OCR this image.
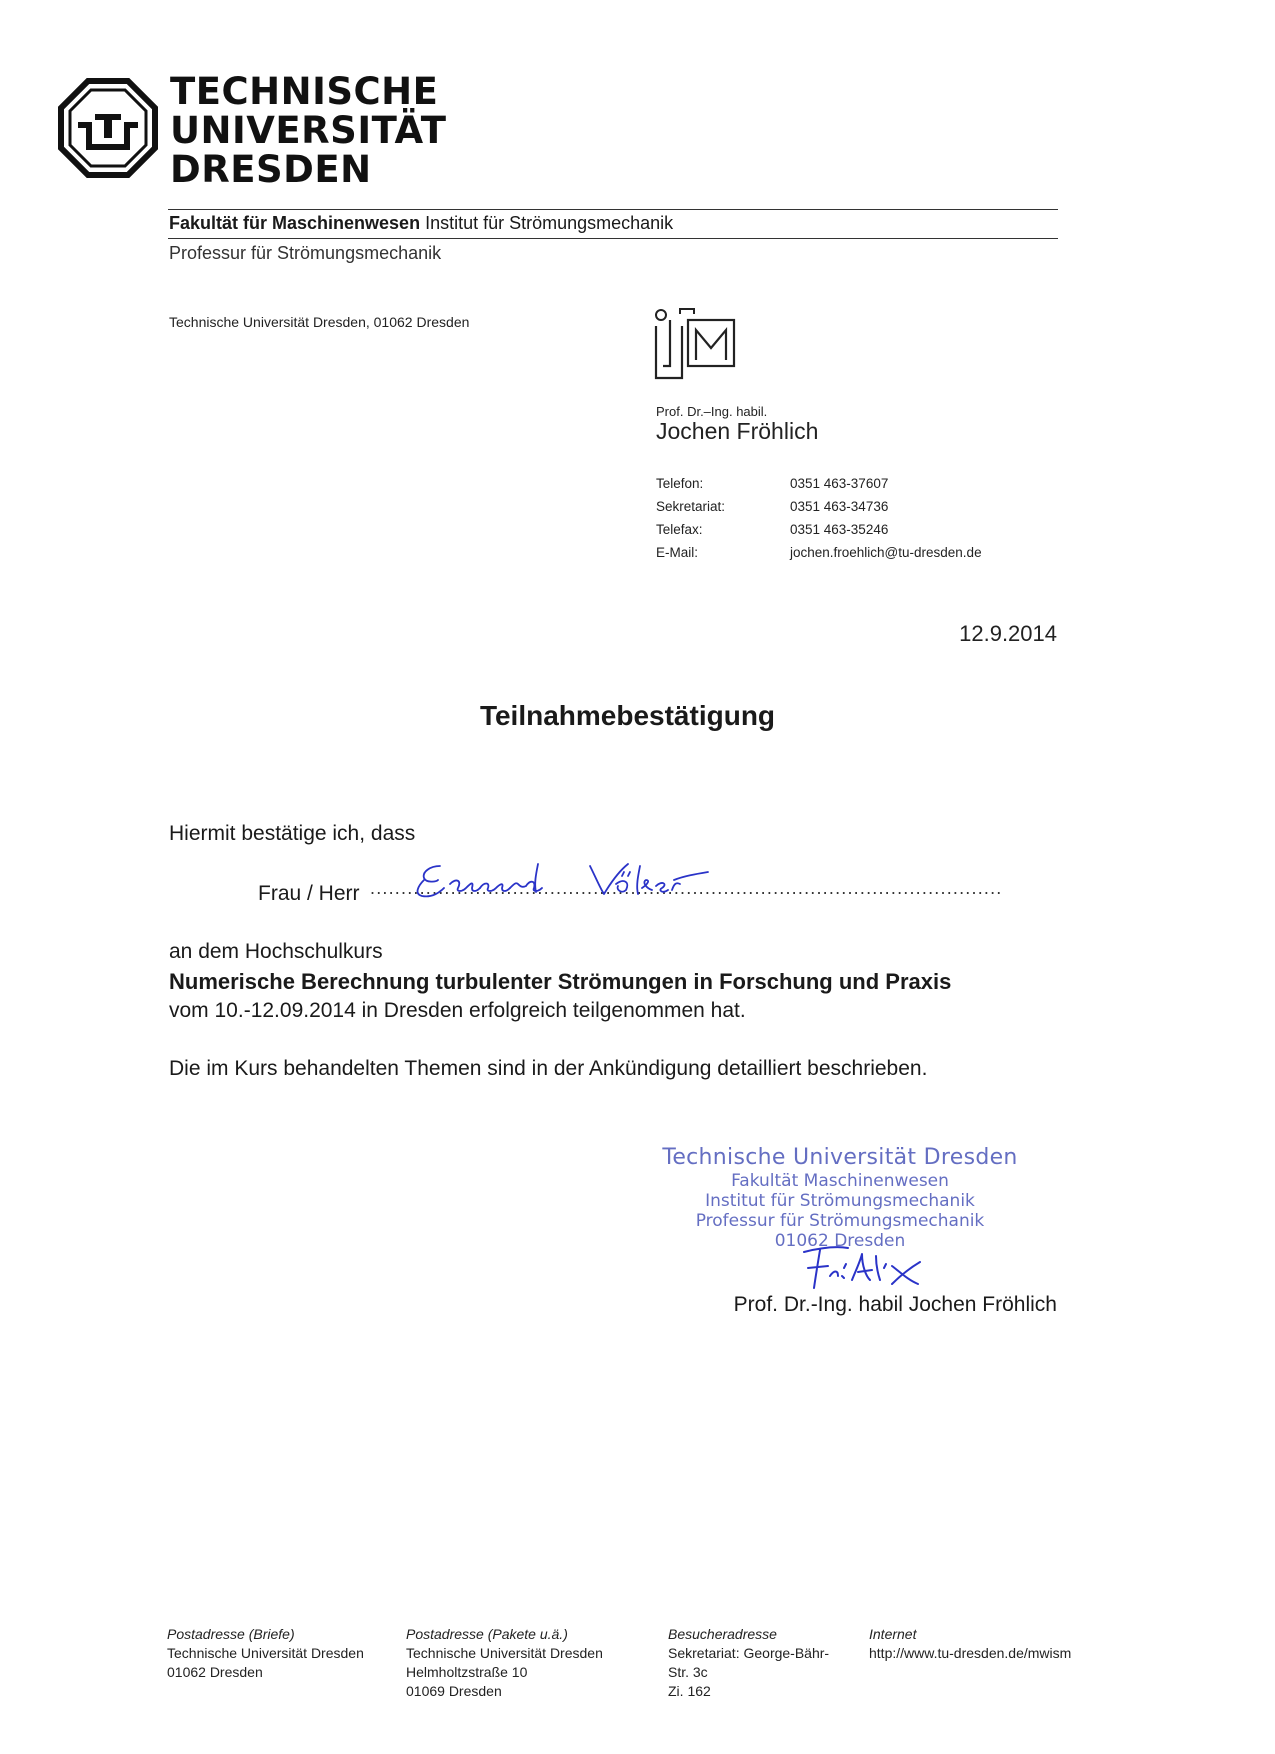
TECHNISCHE
UNIVERSITÄT
DRESDEN
Fakultät für Maschinenwesen Institut für Strömungsmechanik
Professur für Strömungsmechanik
Technische Universität Dresden, 01062 Dresden
Prof. Dr.–Ing. habil.
Jochen Fröhlich
Telefon:	0351 463-37607
Sekretariat:	0351 463-34736
Telefax:	0351 463-35246
E-Mail:	jochen.froehlich@tu-dresden.de
12.9.2014
Teilnahmebestätigung
Hiermit bestätige ich, dass
Frau / Herr ......................................................................................................
an dem Hochschulkurs
Numerische Berechnung turbulenter Strömungen in Forschung und Praxis
vom 10.-12.09.2014 in Dresden erfolgreich teilgenommen hat.
Die im Kurs behandelten Themen sind in der Ankündigung detailliert beschrieben.
Technische Universität Dresden
Fakultät Maschinenwesen
Institut für Strömungsmechanik
Professur für Strömungsmechanik
01062 Dresden
Prof. Dr.-Ing. habil Jochen Fröhlich
Postadresse (Briefe)
Technische Universität Dresden
01062 Dresden
Postadresse (Pakete u.ä.)
Technische Universität Dresden
Helmholtzstraße 10
01069 Dresden
Besucheradresse
Sekretariat: George-Bähr-
Str. 3c
Zi. 162
Internet
http://www.tu-dresden.de/mwism
